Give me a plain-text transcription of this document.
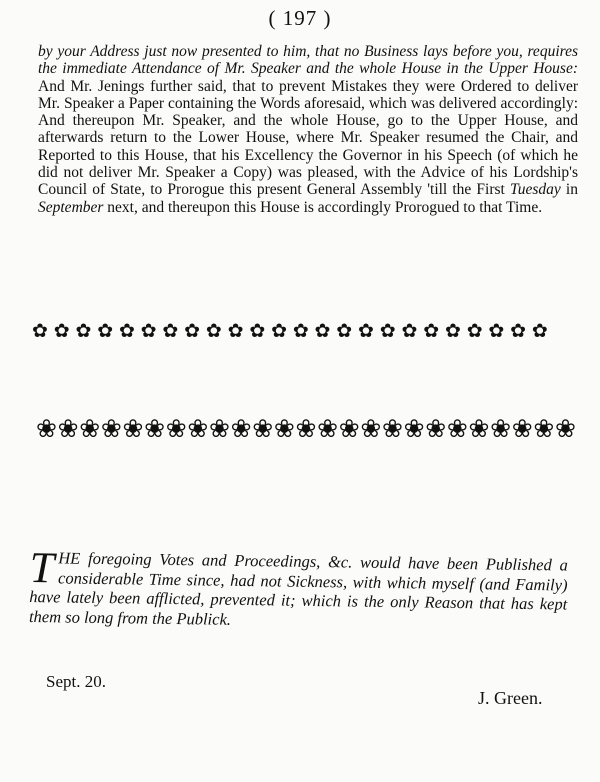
( 197 )
by your Address just now presented to him, that no Business lays before you, requires the immediate Attendance of Mr. Speaker and the whole House in the Upper House: And Mr. Jenings further said, that to prevent Mistakes they were Ordered to deliver Mr. Speaker a Paper containing the Words aforesaid, which was delivered accordingly: And thereupon Mr. Speaker, and the whole House, go to the Upper House, and afterwards return to the Lower House, where Mr. Speaker resumed the Chair, and Reported to this House, that his Excellency the Governor in his Speech (of which he did not deliver Mr. Speaker a Copy) was pleased, with the Advice of his Lordship's Council of State, to Prorogue this present General Assembly 'till the First Tuesday in September next, and thereupon this House is accordingly Prorogued to that Time.
✿ ✿ ✿ ✿ ✿ ✿ ✿ ✿ ✿ ✿ ✿ ✿ ✿ ✿ ✿ ✿ ✿ ✿ ✿ ✿ ✿ ✿ ✿ ✿
❀ ❀ ❀ ❀ ❀ ❀ ❀ ❀ ❀ ❀ ❀ ❀ ❀ ❀ ❀ ❀ ❀ ❀ ❀ ❀ ❀ ❀ ❀ ❀ ❀
THE foregoing Votes and Proceedings, &c. would have been Published a considerable Time since, had not Sickness, with which myself (and Family) have lately been afflicted, prevented it; which is the only Reason that has kept them so long from the Publick.
Sept. 20.
J. Green.
